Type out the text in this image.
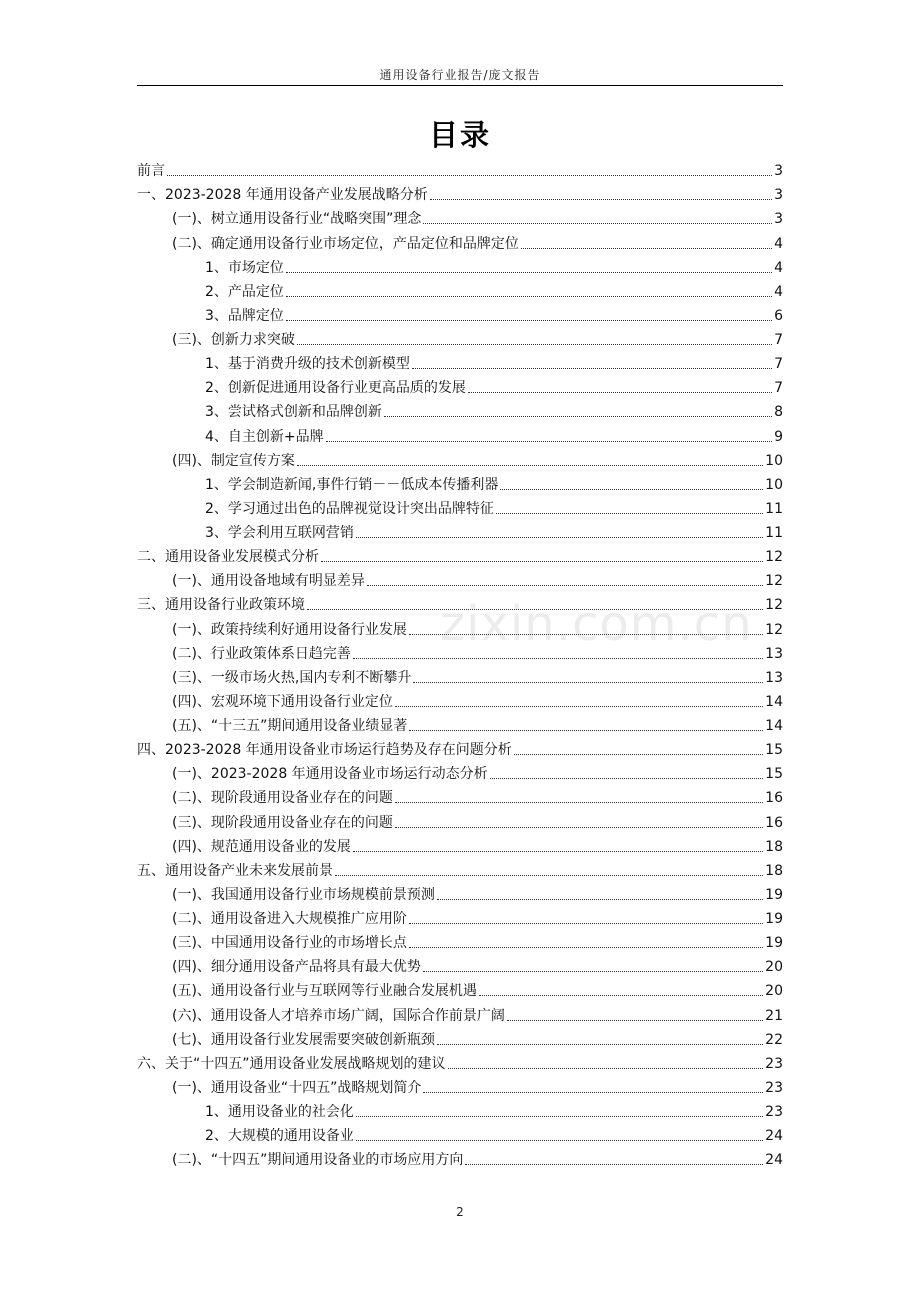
通用设备行业报告/庞文报告
目录
zixin.com.cn
前言	3
一、2023-2028 年通用设备产业发展战略分析	3
(一)、树立通用设备行业“战略突围”理念	3
(二)、确定通用设备行业市场定位，产品定位和品牌定位	4
1、市场定位	4
2、产品定位	4
3、品牌定位	6
(三)、创新力求突破	7
1、基于消费升级的技术创新模型	7
2、创新促进通用设备行业更高品质的发展	7
3、尝试格式创新和品牌创新	8
4、自主创新+品牌	9
(四)、制定宣传方案	10
1、学会制造新闻,事件行销－－低成本传播利器	10
2、学习通过出色的品牌视觉设计突出品牌特征	11
3、学会利用互联网营销	11
二、通用设备业发展模式分析	12
(一)、通用设备地域有明显差异	12
三、通用设备行业政策环境	12
(一)、政策持续利好通用设备行业发展	12
(二)、行业政策体系日趋完善	13
(三)、一级市场火热,国内专利不断攀升	13
(四)、宏观环境下通用设备行业定位	14
(五)、“十三五”期间通用设备业绩显著	14
四、2023-2028 年通用设备业市场运行趋势及存在问题分析	15
(一)、2023-2028 年通用设备业市场运行动态分析	15
(二)、现阶段通用设备业存在的问题	16
(三)、现阶段通用设备业存在的问题	16
(四)、规范通用设备业的发展	18
五、通用设备产业未来发展前景	18
(一)、我国通用设备行业市场规模前景预测	19
(二)、通用设备进入大规模推广应用阶	19
(三)、中国通用设备行业的市场增长点	19
(四)、细分通用设备产品将具有最大优势	20
(五)、通用设备行业与互联网等行业融合发展机遇	20
(六)、通用设备人才培养市场广阔，国际合作前景广阔	21
(七)、通用设备行业发展需要突破创新瓶颈	22
六、关于“十四五”通用设备业发展战略规划的建议	23
(一)、通用设备业“十四五”战略规划简介	23
1、通用设备业的社会化	23
2、大规模的通用设备业	24
(二)、“十四五”期间通用设备业的市场应用方向	24
2
